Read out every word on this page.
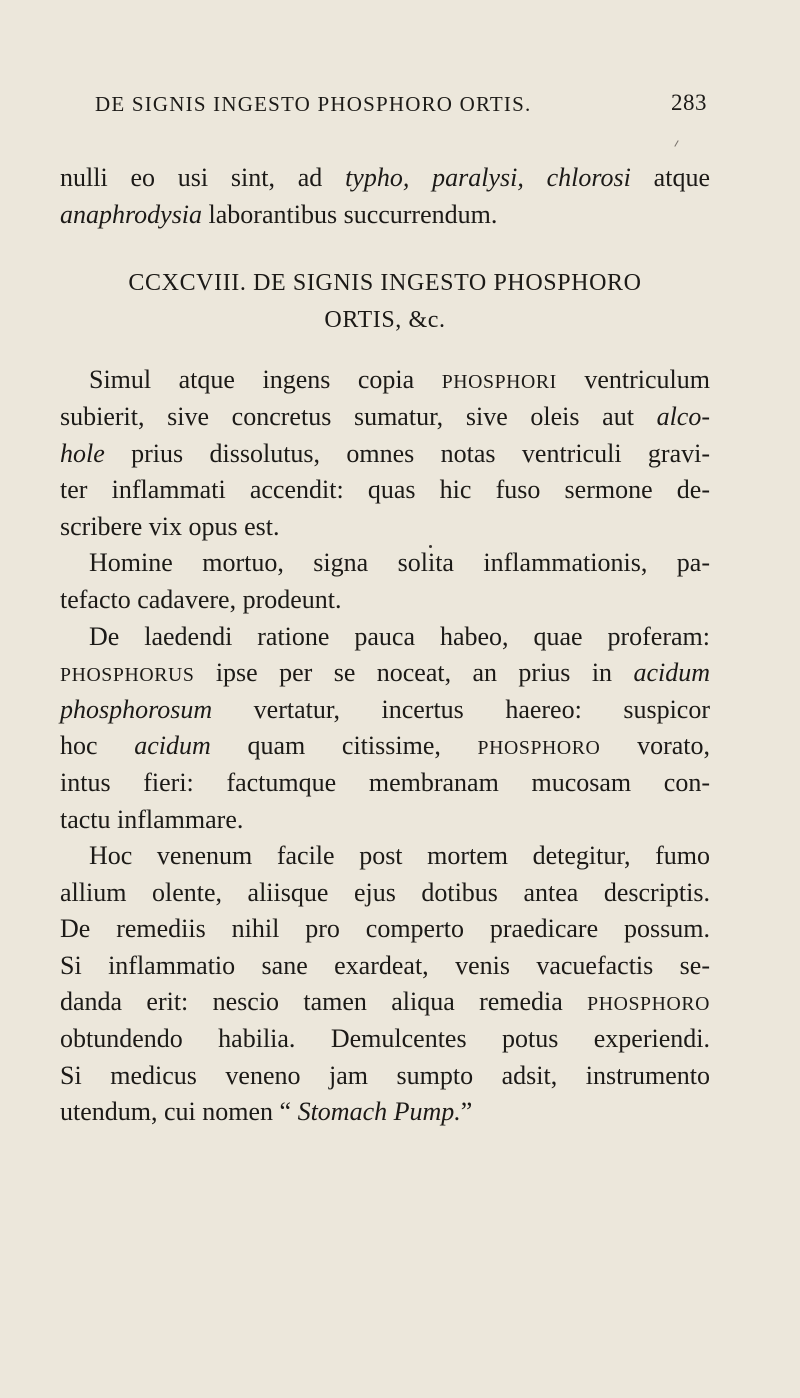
DE SIGNIS INGESTO PHOSPHORO ORTIS.	283
nulli eo usi sint, ad typho, paralysi, chlorosi atque
anaphrodysia laborantibus succurrendum.
CCXCVIII. DE SIGNIS INGESTO PHOSPHORO
ORTIS, &c.
Simul atque ingens copia PHOSPHORI ventriculum
subierit, sive concretus sumatur, sive oleis aut alco-
hole prius dissolutus, omnes notas ventriculi gravi-
ter inflammati accendit: quas hic fuso sermone de-
scribere vix opus est.
Homine mortuo, signa solita inflammationis, pa-
tefacto cadavere, prodeunt.
De laedendi ratione pauca habeo, quae proferam:
PHOSPHORUS ipse per se noceat, an prius in acidum
phosphorosum vertatur, incertus haereo: suspicor
hoc acidum quam citissime, PHOSPHORO vorato,
intus fieri: factumque membranam mucosam con-
tactu inflammare.
Hoc venenum facile post mortem detegitur, fumo
allium olente, aliisque ejus dotibus antea descriptis.
De remediis nihil pro comperto praedicare possum.
Si inflammatio sane exardeat, venis vacuefactis se-
danda erit: nescio tamen aliqua remedia PHOSPHORO
obtundendo habilia. Demulcentes potus experiendi.
Si medicus veneno jam sumpto adsit, instrumento
utendum, cui nomen “ Stomach Pump.”
